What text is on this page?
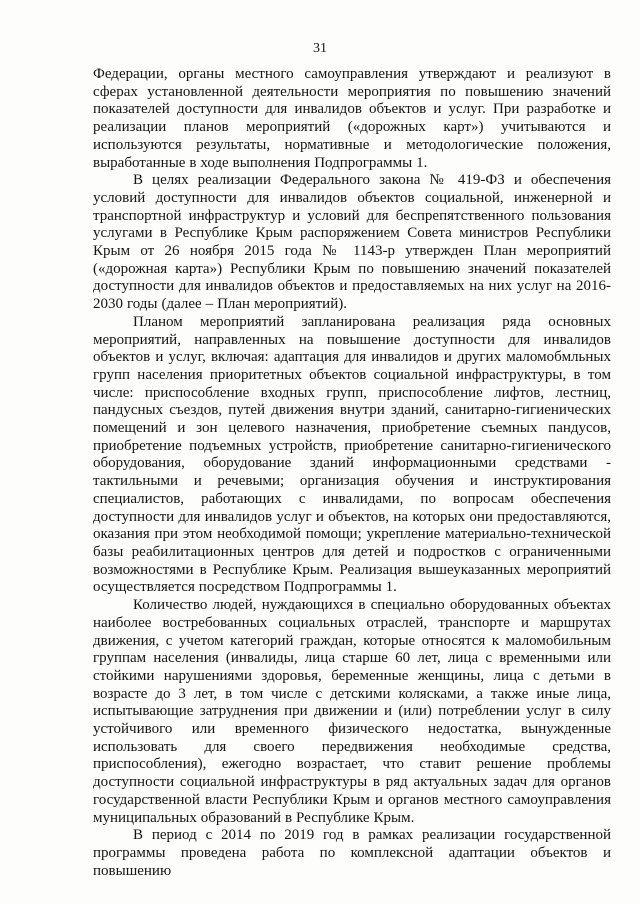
31

Федерации, органы местного самоуправления утверждают и реализуют в сферах установленной деятельности мероприятия по повышению значений показателей доступности для инвалидов объектов и услуг. При разработке и реализации планов мероприятий («дорожных карт») учитываются и используются результаты, нормативные и методологические положения, выработанные в ходе выполнения Подпрограммы 1.

В целях реализации Федерального закона № 419-ФЗ и обеспечения условий доступности для инвалидов объектов социальной, инженерной и транспортной инфраструктур и условий для беспрепятственного пользования услугами в Республике Крым распоряжением Совета министров Республики Крым от 26 ноября 2015 года № 1143-р утвержден План мероприятий («дорожная карта») Республики Крым по повышению значений показателей доступности для инвалидов объектов и предоставляемых на них услуг на 2016-2030 годы (далее – План мероприятий).

Планом мероприятий запланирована реализация ряда основных мероприятий, направленных на повышение доступности для инвалидов объектов и услуг, включая: адаптация для инвалидов и других маломобмльных групп населения приоритетных объектов социальной инфраструктуры, в том числе: приспособление входных групп, приспособление лифтов, лестниц, пандусных съездов, путей движения внутри зданий, санитарно-гигиенических помещений и зон целевого назначения, приобретение съемных пандусов, приобретение подъемных устройств, приобретение санитарно-гигиенического оборудования, оборудование зданий информационными средствами - тактильными и речевыми; организация обучения и инструктирования специалистов, работающих с инвалидами, по вопросам обеспечения доступности для инвалидов услуг и объектов, на которых они предоставляются, оказания при этом необходимой помощи; укрепление материально-технической базы реабилитационных центров для детей и подростков с ограниченными возможностями в Республике Крым. Реализация вышеуказанных мероприятий осуществляется посредством Подпрограммы 1.

Количество людей, нуждающихся в специально оборудованных объектах наиболее востребованных социальных отраслей, транспорте и маршрутах движения, с учетом категорий граждан, которые относятся к маломобильным группам населения (инвалиды, лица старше 60 лет, лица с временными или стойкими нарушениями здоровья, беременные женщины, лица с детьми в возрасте до 3 лет, в том числе с детскими колясками, а также иные лица, испытывающие затруднения при движении и (или) потреблении услуг в силу устойчивого или временного физического недостатка, вынужденные использовать для своего передвижения необходимые средства, приспособления), ежегодно возрастает, что ставит решение проблемы доступности социальной инфраструктуры в ряд актуальных задач для органов государственной власти Республики Крым и органов местного самоуправления муниципальных образований в Республике Крым.

В период с 2014 по 2019 год в рамках реализации государственной программы проведена работа по комплексной адаптации объектов и повышению
